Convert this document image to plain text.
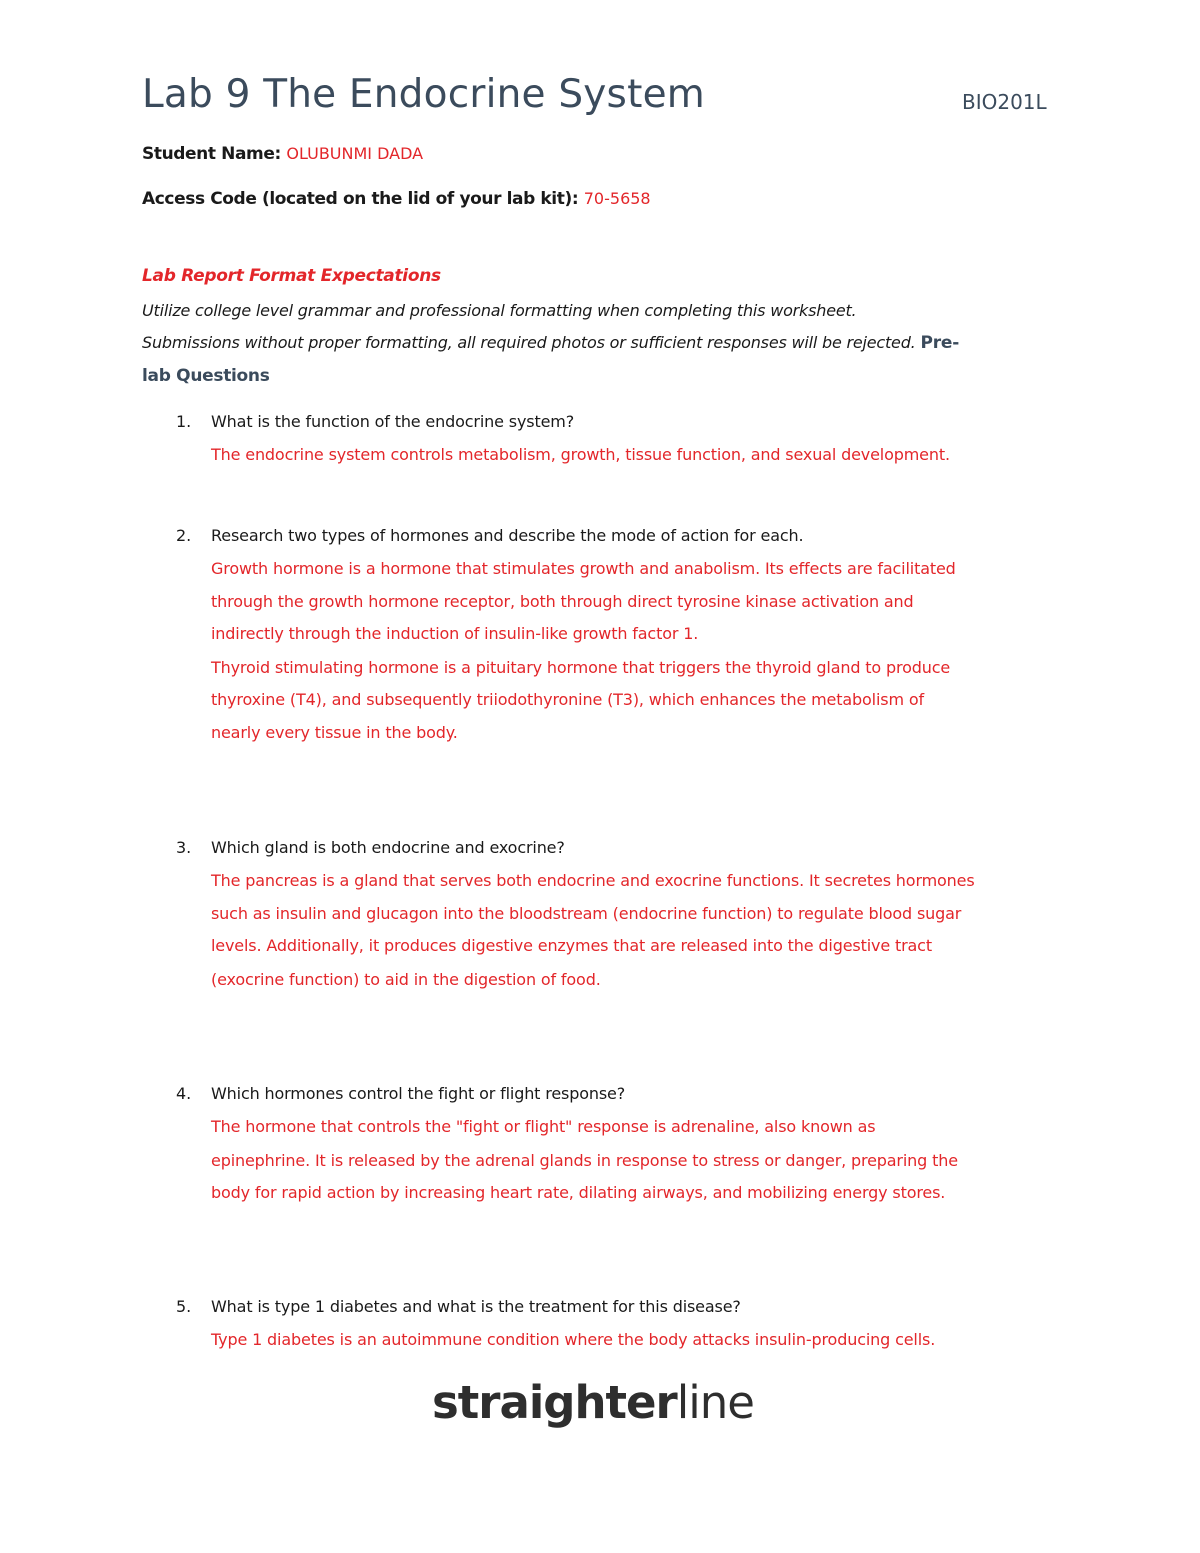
Lab 9 The Endocrine System	BIO201L
Student Name: OLUBUNMI DADA
Access Code (located on the lid of your lab kit): 70-5658
Lab Report Format Expectations
Utilize college level grammar and professional formatting when completing this worksheet.
Submissions without proper formatting, all required photos or sufficient responses will be rejected. Pre-
lab Questions
1. What is the function of the endocrine system?
The endocrine system controls metabolism, growth, tissue function, and sexual development.
2. Research two types of hormones and describe the mode of action for each.
Growth hormone is a hormone that stimulates growth and anabolism. Its effects are facilitated
through the growth hormone receptor, both through direct tyrosine kinase activation and
indirectly through the induction of insulin-like growth factor 1.
Thyroid stimulating hormone is a pituitary hormone that triggers the thyroid gland to produce
thyroxine (T4), and subsequently triiodothyronine (T3), which enhances the metabolism of
nearly every tissue in the body.
3. Which gland is both endocrine and exocrine?
The pancreas is a gland that serves both endocrine and exocrine functions. It secretes hormones
such as insulin and glucagon into the bloodstream (endocrine function) to regulate blood sugar
levels. Additionally, it produces digestive enzymes that are released into the digestive tract
(exocrine function) to aid in the digestion of food.
4. Which hormones control the fight or flight response?
The hormone that controls the "fight or flight" response is adrenaline, also known as
epinephrine. It is released by the adrenal glands in response to stress or danger, preparing the
body for rapid action by increasing heart rate, dilating airways, and mobilizing energy stores.
5. What is type 1 diabetes and what is the treatment for this disease?
Type 1 diabetes is an autoimmune condition where the body attacks insulin-producing cells.
straighterline
